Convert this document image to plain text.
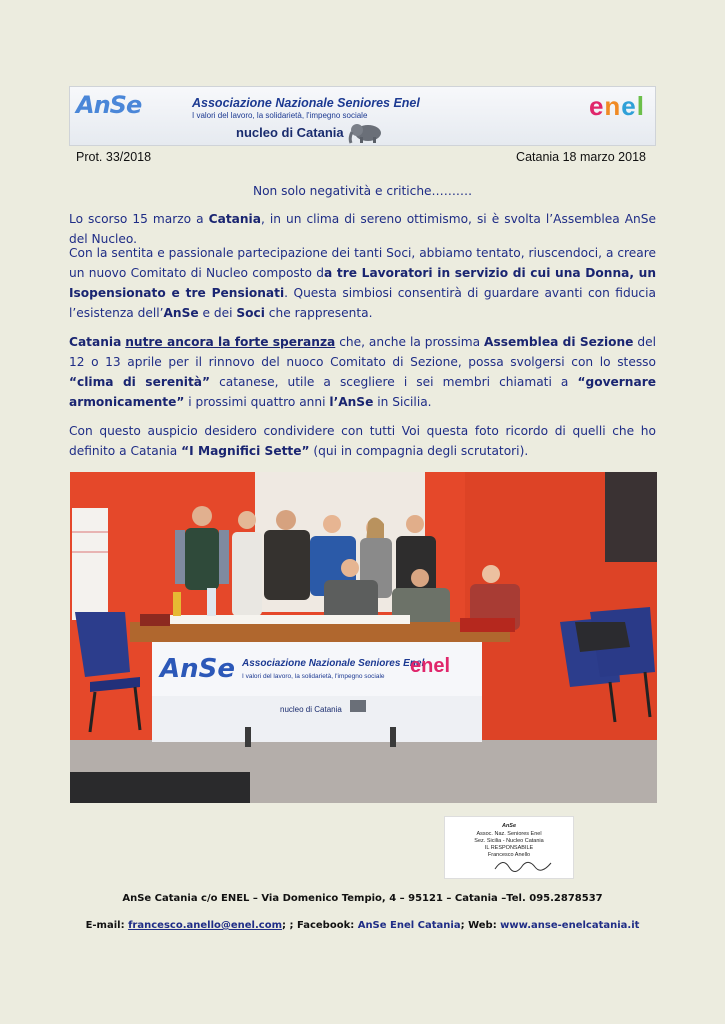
AnSe	Associazione Nazionale Seniores Enel
I valori del lavoro, la solidarietà, l'impegno sociale
nucleo di Catania
enel
Prot. 33/2018	Catania 18 marzo 2018
Non solo negatività e critiche……….

Lo scorso 15 marzo a Catania, in un clima di sereno ottimismo, si è svolta l’Assemblea AnSe del Nucleo.

Con la sentita e passionale partecipazione dei tanti Soci, abbiamo tentato, riuscendoci, a creare un nuovo Comitato di Nucleo composto da tre Lavoratori in servizio di cui una Donna, un Isopensionato e tre Pensionati. Questa simbiosi consentirà di guardare avanti con fiducia l’esistenza dell’AnSe e dei Soci che rappresenta.

Catania nutre ancora la forte speranza che, anche la prossima Assemblea di Sezione del 12 o 13 aprile per il rinnovo del nuoco Comitato di Sezione, possa svolgersi con lo stesso “clima di serenità” catanese, utile a scegliere i sei membri chiamati a “governare armonicamente” i prossimi quattro anni l’AnSe in Sicilia.

Con questo auspicio desidero condividere con tutti Voi questa foto ricordo di quelli che ho definito a Catania “I Magnifici Sette” (qui in compagnia degli scrutatori).

AnSe Associazione Nazionale Seniores Enel
I valori del lavoro, la solidarietà, l'impegno sociale enel
nucleo di Catania
AnSe
Assoc. Naz. Seniores Enel
Sez. Sicilia - Nucleo Catania
IL RESPONSABILE
Francesco Anello
AnSe Catania c/o ENEL – Via Domenico Tempio, 4 – 95121 – Catania –Tel. 095.2878537
E-mail: francesco.anello@enel.com; ; Facebook: AnSe Enel Catania; Web: www.anse-enelcatania.it
